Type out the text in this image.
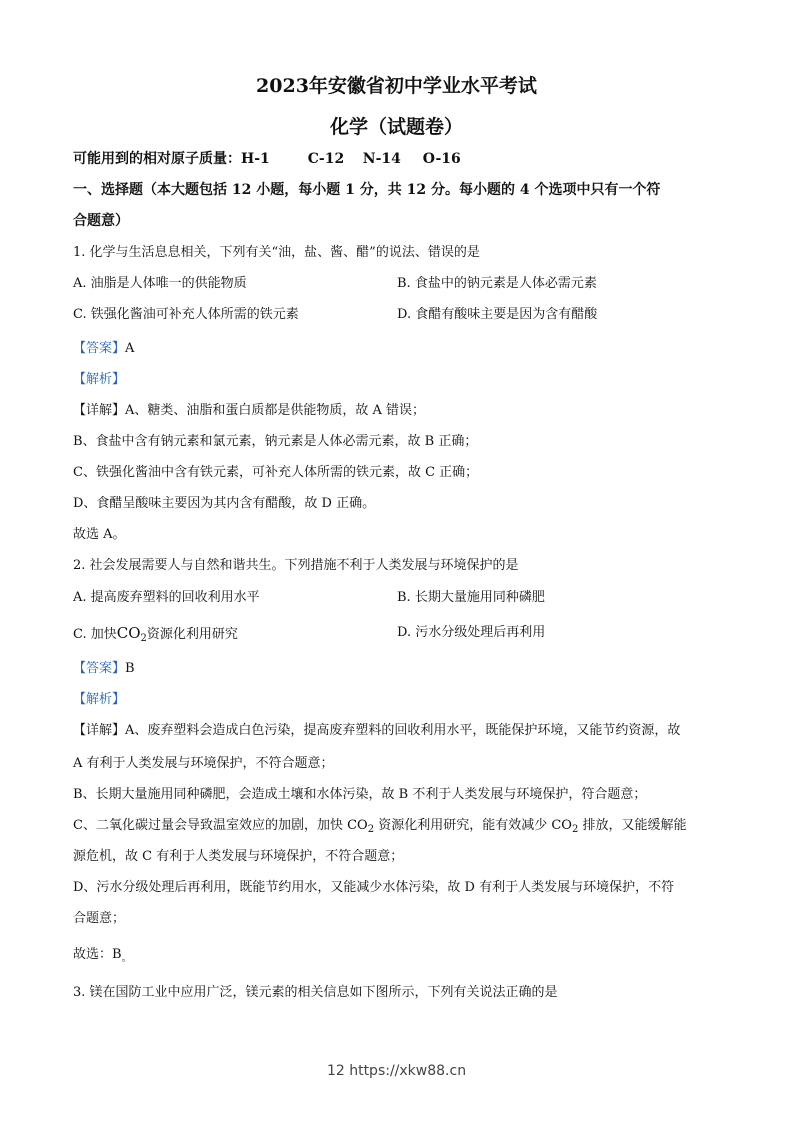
2023年安徽省初中学业水平考试
化学（试题卷）
可能用到的相对原子质量：H-1	C-12 N-14 O-16
一、选择题（本大题包括 12 小题，每小题 1 分，共 12 分。每小题的 4 个选项中只有一个符
合题意）
1. 化学与生活息息相关，下列有关“油，盐、酱、醋”的说法、错误的是
A. 油脂是人体唯一的供能物质	B. 食盐中的钠元素是人体必需元素
C. 铁强化酱油可补充人体所需的铁元素	D. 食醋有酸味主要是因为含有醋酸
【答案】A
【解析】
【详解】A、糖类、油脂和蛋白质都是供能物质，故 A 错误；
B、食盐中含有钠元素和氯元素，钠元素是人体必需元素，故 B 正确；
C、铁强化酱油中含有铁元素，可补充人体所需的铁元素，故 C 正确；
D、食醋呈酸味主要因为其内含有醋酸，故 D 正确。
故选 A。
2. 社会发展需要人与自然和谐共生。下列措施不利于人类发展与环境保护的是
A. 提高废弃塑料的回收利用水平	B. 长期大量施用同种磷肥
C. 加快$CO_2$资源化利用研究	D. 污水分级处理后再利用
【答案】B
【解析】
【详解】A、废弃塑料会造成白色污染，提高废弃塑料的回收利用水平，既能保护环境，又能节约资源，故
A 有利于人类发展与环境保护，不符合题意；
B、长期大量施用同种磷肥，会造成土壤和水体污染，故 B 不利于人类发展与环境保护，符合题意；
C、二氧化碳过量会导致温室效应的加剧，加快 $CO_2$ 资源化利用研究，能有效减少 $CO_2$ 排放，又能缓解能
源危机，故 C 有利于人类发展与环境保护，不符合题意；
D、污水分级处理后再利用，既能节约用水，又能减少水体污染，故 D 有利于人类发展与环境保护，不符
合题意；
故选：$B_。$
3. 镁在国防工业中应用广泛，镁元素的相关信息如下图所示，下列有关说法正确的是
12 https://xkw88.cn
